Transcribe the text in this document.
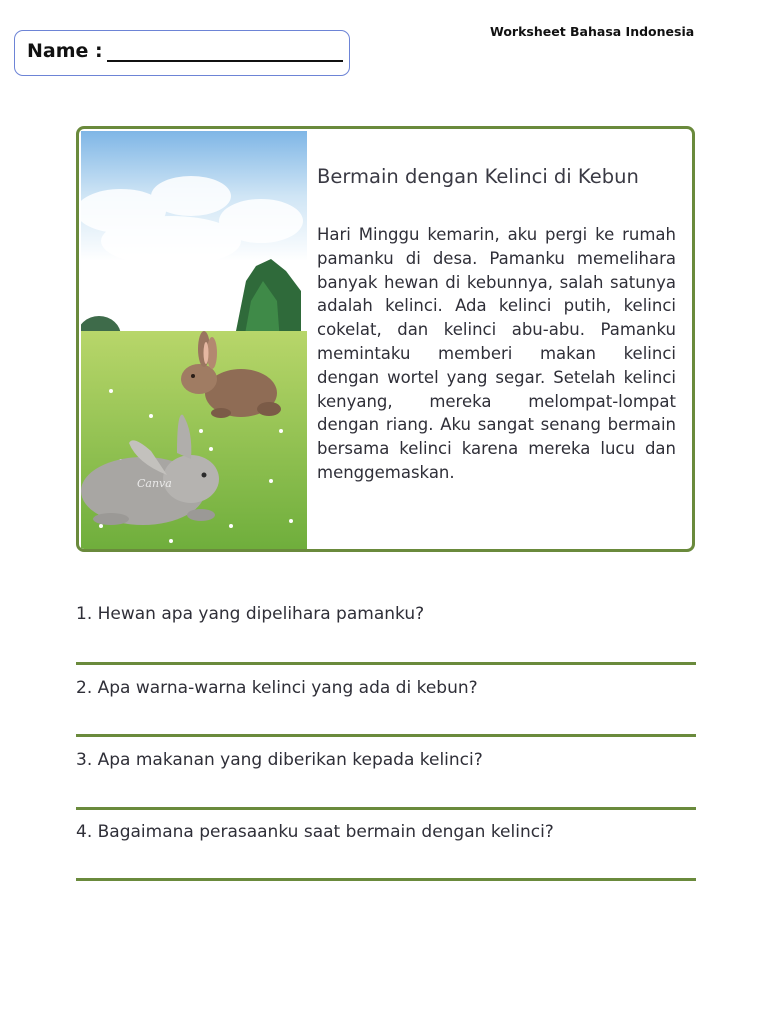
Worksheet Bahasa Indonesia
Name :
Canva
Bermain dengan Kelinci di Kebun
Hari Minggu kemarin, aku pergi ke rumah pamanku di desa. Pamanku memelihara banyak hewan di kebunnya, salah satunya adalah kelinci. Ada kelinci putih, kelinci cokelat, dan kelinci abu-abu. Pamanku memintaku memberi makan kelinci dengan wortel yang segar. Setelah kelinci kenyang, mereka melompat-lompat dengan riang. Aku sangat senang bermain bersama kelinci karena mereka lucu dan menggemaskan.
1. Hewan apa yang dipelihara pamanku?
2. Apa warna-warna kelinci yang ada di kebun?
3. Apa makanan yang diberikan kepada kelinci?
4. Bagaimana perasaanku saat bermain dengan kelinci?
